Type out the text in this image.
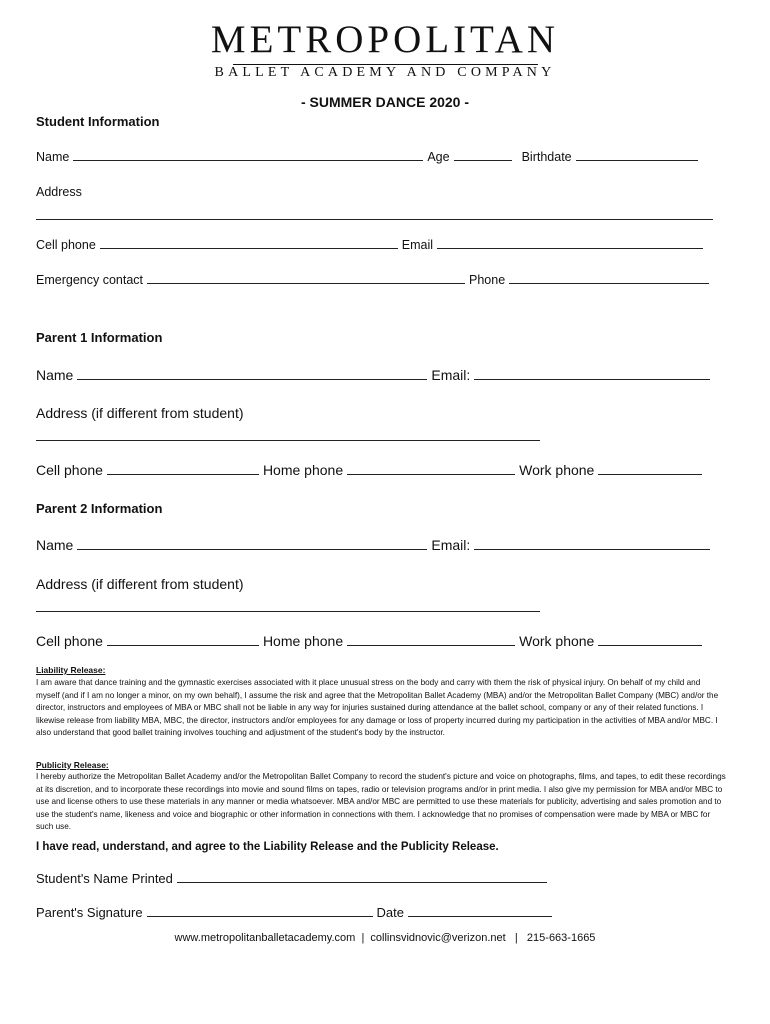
METROPOLITAN
BALLET ACADEMY AND COMPANY
- SUMMER DANCE 2020 -
Student Information
Name	Age	Birthdate
Address
Cell phone	Email
Emergency contact	Phone
Parent 1 Information
Name	Email:
Address (if different from student)
Cell phone	Home phone	Work phone
Parent 2 Information
Name	Email:
Address (if different from student)
Cell phone	Home phone	Work phone
Liability Release:
I am aware that dance training and the gymnastic exercises associated with it place unusual stress on the body and carry with them the risk of physical injury. On behalf of my child and myself (and if I am no longer a minor, on my own behalf), I assume the risk and agree that the Metropolitan Ballet Academy (MBA) and/or the Metropolitan Ballet Company (MBC) and/or the director, instructors and employees of MBA or MBC shall not be liable in any way for injuries sustained during attendance at the ballet school, company or any of their related functions. I likewise release from liability MBA, MBC, the director, instructors and/or employees for any damage or loss of property incurred during my participation in the activities of MBA and/or MBC. I also understand that good ballet training involves touching and adjustment of the student's body by the instructor.
Publicity Release:
I hereby authorize the Metropolitan Ballet Academy and/or the Metropolitan Ballet Company to record the student's picture and voice on photographs, films, and tapes, to edit these recordings at its discretion, and to incorporate these recordings into movie and sound films on tapes, radio or television programs and/or in print media. I also give my permission for MBA and/or MBC to use and license others to use these materials in any manner or media whatsoever. MBA and/or MBC are permitted to use these materials for publicity, advertising and sales promotion and to use the student's name, likeness and voice and biographic or other information in connections with them. I acknowledge that no promises of compensation were made by MBA or MBC for such use.
I have read, understand, and agree to the Liability Release and the Publicity Release.
Student's Name Printed
Parent's Signature	Date
www.metropolitanballetacademy.com | collinsvidnovic@verizon.net | 215-663-1665
